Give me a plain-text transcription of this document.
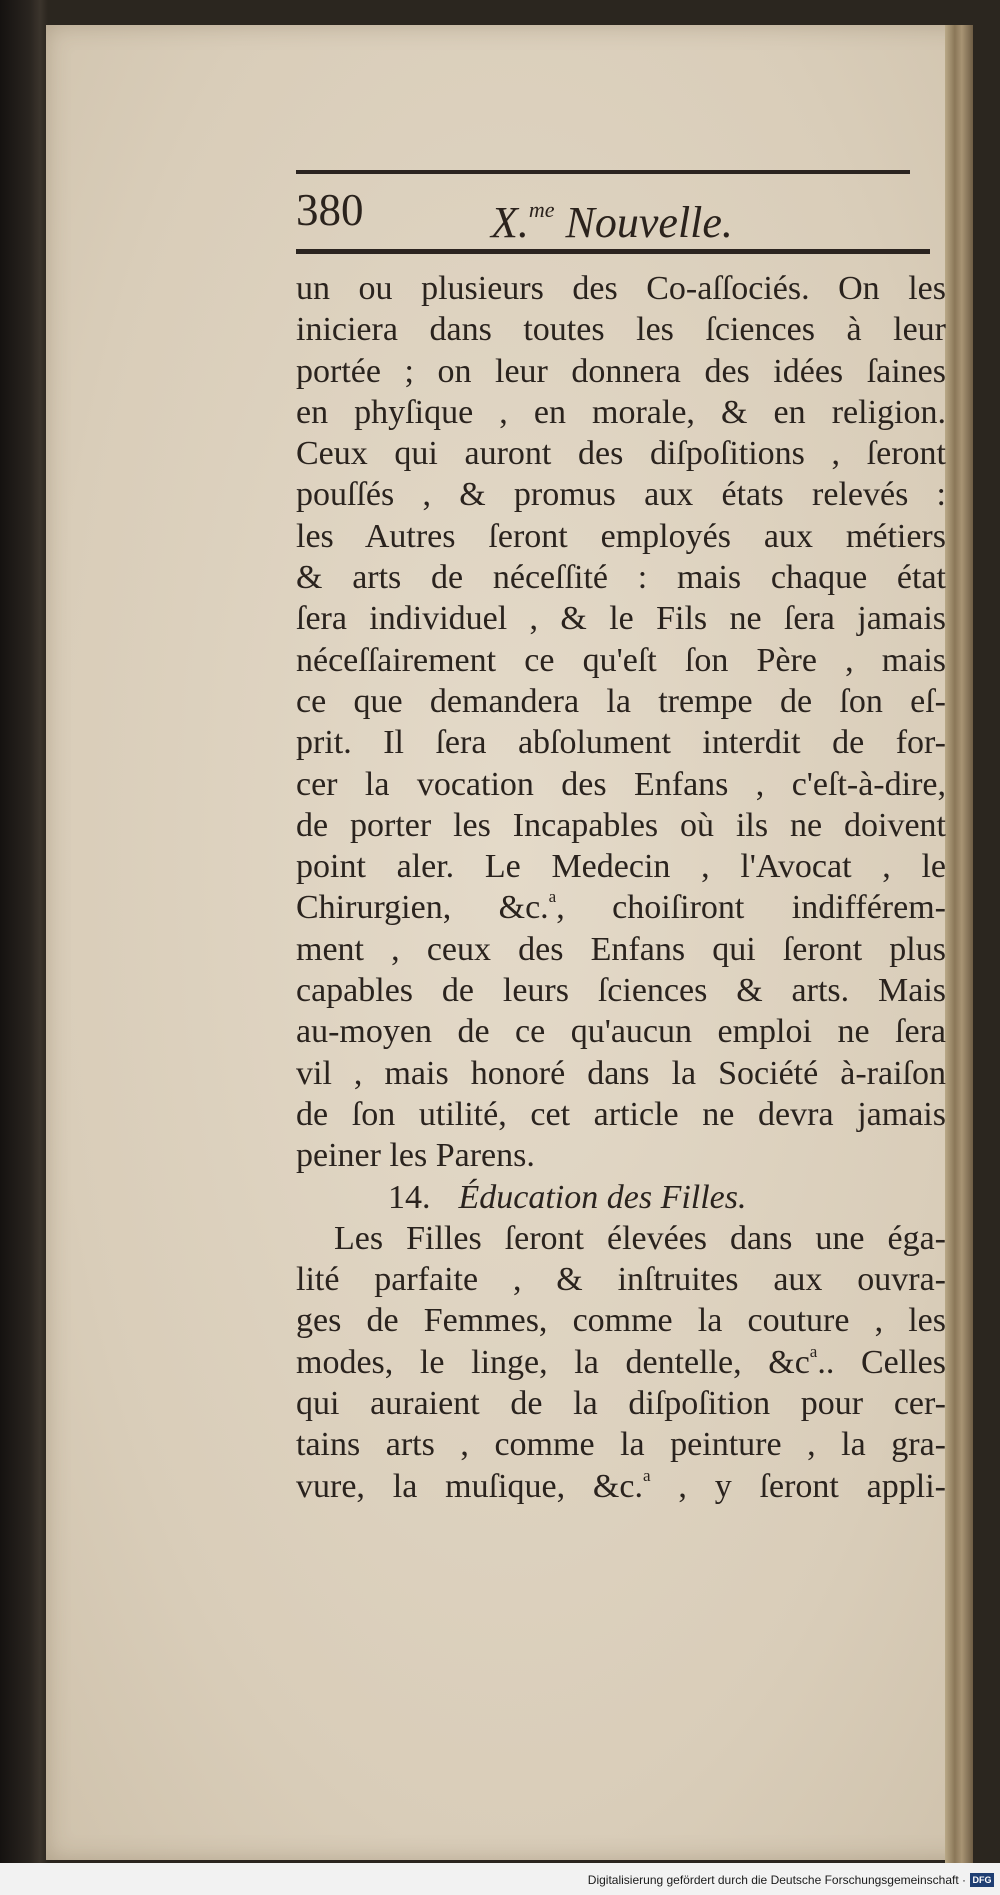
380	X.$^{me}$ Nouvelle.
un ou plusieurs des Co-aſſociés. On les
iniciera dans toutes les ſciences à leur
portée ; on leur donnera des idées ſaines
en phyſique , en morale, & en religion.
Ceux qui auront des diſpoſitions , ſeront
pouſſés , & promus aux états relevés :
les Autres ſeront employés aux métiers
& arts de néceſſité : mais chaque état
ſera individuel , & le Fils ne ſera jamais
néceſſairement ce qu'eſt ſon Père , mais
ce que demandera la trempe de ſon eſ-
prit. Il ſera abſolument interdit de for-
cer la vocation des Enfans , c'eſt-à-dire,
de porter les Incapables où ils ne doivent
point aler. Le Medecin , l'Avocat , le
Chirurgien, &c.$^a$, choiſiront indifférem-
ment , ceux des Enfans qui ſeront plus
capables de leurs ſciences & arts. Mais
au-moyen de ce qu'aucun emploi ne ſera
vil , mais honoré dans la Société à-raiſon
de ſon utilité, cet article ne devra jamais
peiner les Parens.
14. Éducation des Filles.
Les Filles ſeront élevées dans une éga-
lité parfaite , & inſtruites aux ouvra-
ges de Femmes, comme la couture , les
modes, le linge, la dentelle, $\&c^a$.. Celles
qui auraient de la diſpoſition pour cer-
tains arts , comme la peinture , la gra-
vure, la muſique, &c.$^a$ , y ſeront appli-
Digitalisierung gefördert durch die Deutsche Forschungsgemeinschaft · DFG
